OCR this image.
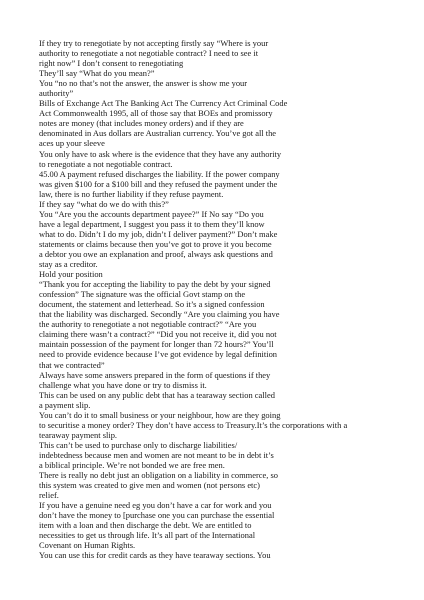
If they try to renegotiate by not accepting firstly say “Where is your
authority to renegotiate a not negotiable contract? I need to see it
right now” I don’t consent to renegotiating
They’ll say “What do you mean?”
You “no no that’s not the answer, the answer is show me your
authority”
Bills of Exchange Act The Banking Act The Currency Act Criminal Code
Act Commonwealth 1995, all of those say that BOEs and promissory
notes are money (that includes money orders) and if they are
denominated in Aus dollars are Australian currency. You’ve got all the
aces up your sleeve
You only have to ask where is the evidence that they have any authority
to renegotiate a not negotiable contract.
45.00 A payment refused discharges the liability. If the power company
was given $100 for a $100 bill and they refused the payment under the
law, there is no further liability if they refuse payment.
If they say “what do we do with this?”
You “Are you the accounts department payee?” If No say “Do you
have a legal department, I suggest you pass it to them they’ll know
what to do. Didn’t I do my job, didn’t I deliver payment?” Don’t make
statements or claims because then you’ve got to prove it you become
a debtor you owe an explanation and proof, always ask questions and
stay as a creditor.
Hold your position
“Thank you for accepting the liability to pay the debt by your signed
confession” The signature was the official Govt stamp on the
document, the statement and letterhead. So it’s a signed confession
that the liability was discharged. Secondly “Are you claiming you have
the authority to renegotiate a not negotiable contract?” “Are you
claiming there wasn’t a contract?” “Did you not receive it, did you not
maintain possession of the payment for longer than 72 hours?” You’ll
need to provide evidence because I’ve got evidence by legal definition
that we contracted”
Always have some answers prepared in the form of questions if they
challenge what you have done or try to dismiss it.
This can be used on any public debt that has a tearaway section called
a payment slip.
You can’t do it to small business or your neighbour, how are they going
to securitise a money order? They don’t have access to Treasury.It’s the corporations with a
tearaway payment slip.
This can’t be used to purchase only to discharge liabilities/
indebtedness because men and women are not meant to be in debt it’s
a biblical principle. We’re not bonded we are free men.
There is really no debt just an obligation on a liability in commerce, so
this system was created to give men and women (not persons etc)
relief.
If you have a genuine need eg you don’t have a car for work and you
don’t have the money to [purchase one you can purchase the essential
item with a loan and then discharge the debt. We are entitled to
necessities to get us through life. It’s all part of the International
Covenant on Human Rights.
You can use this for credit cards as they have tearaway sections. You
